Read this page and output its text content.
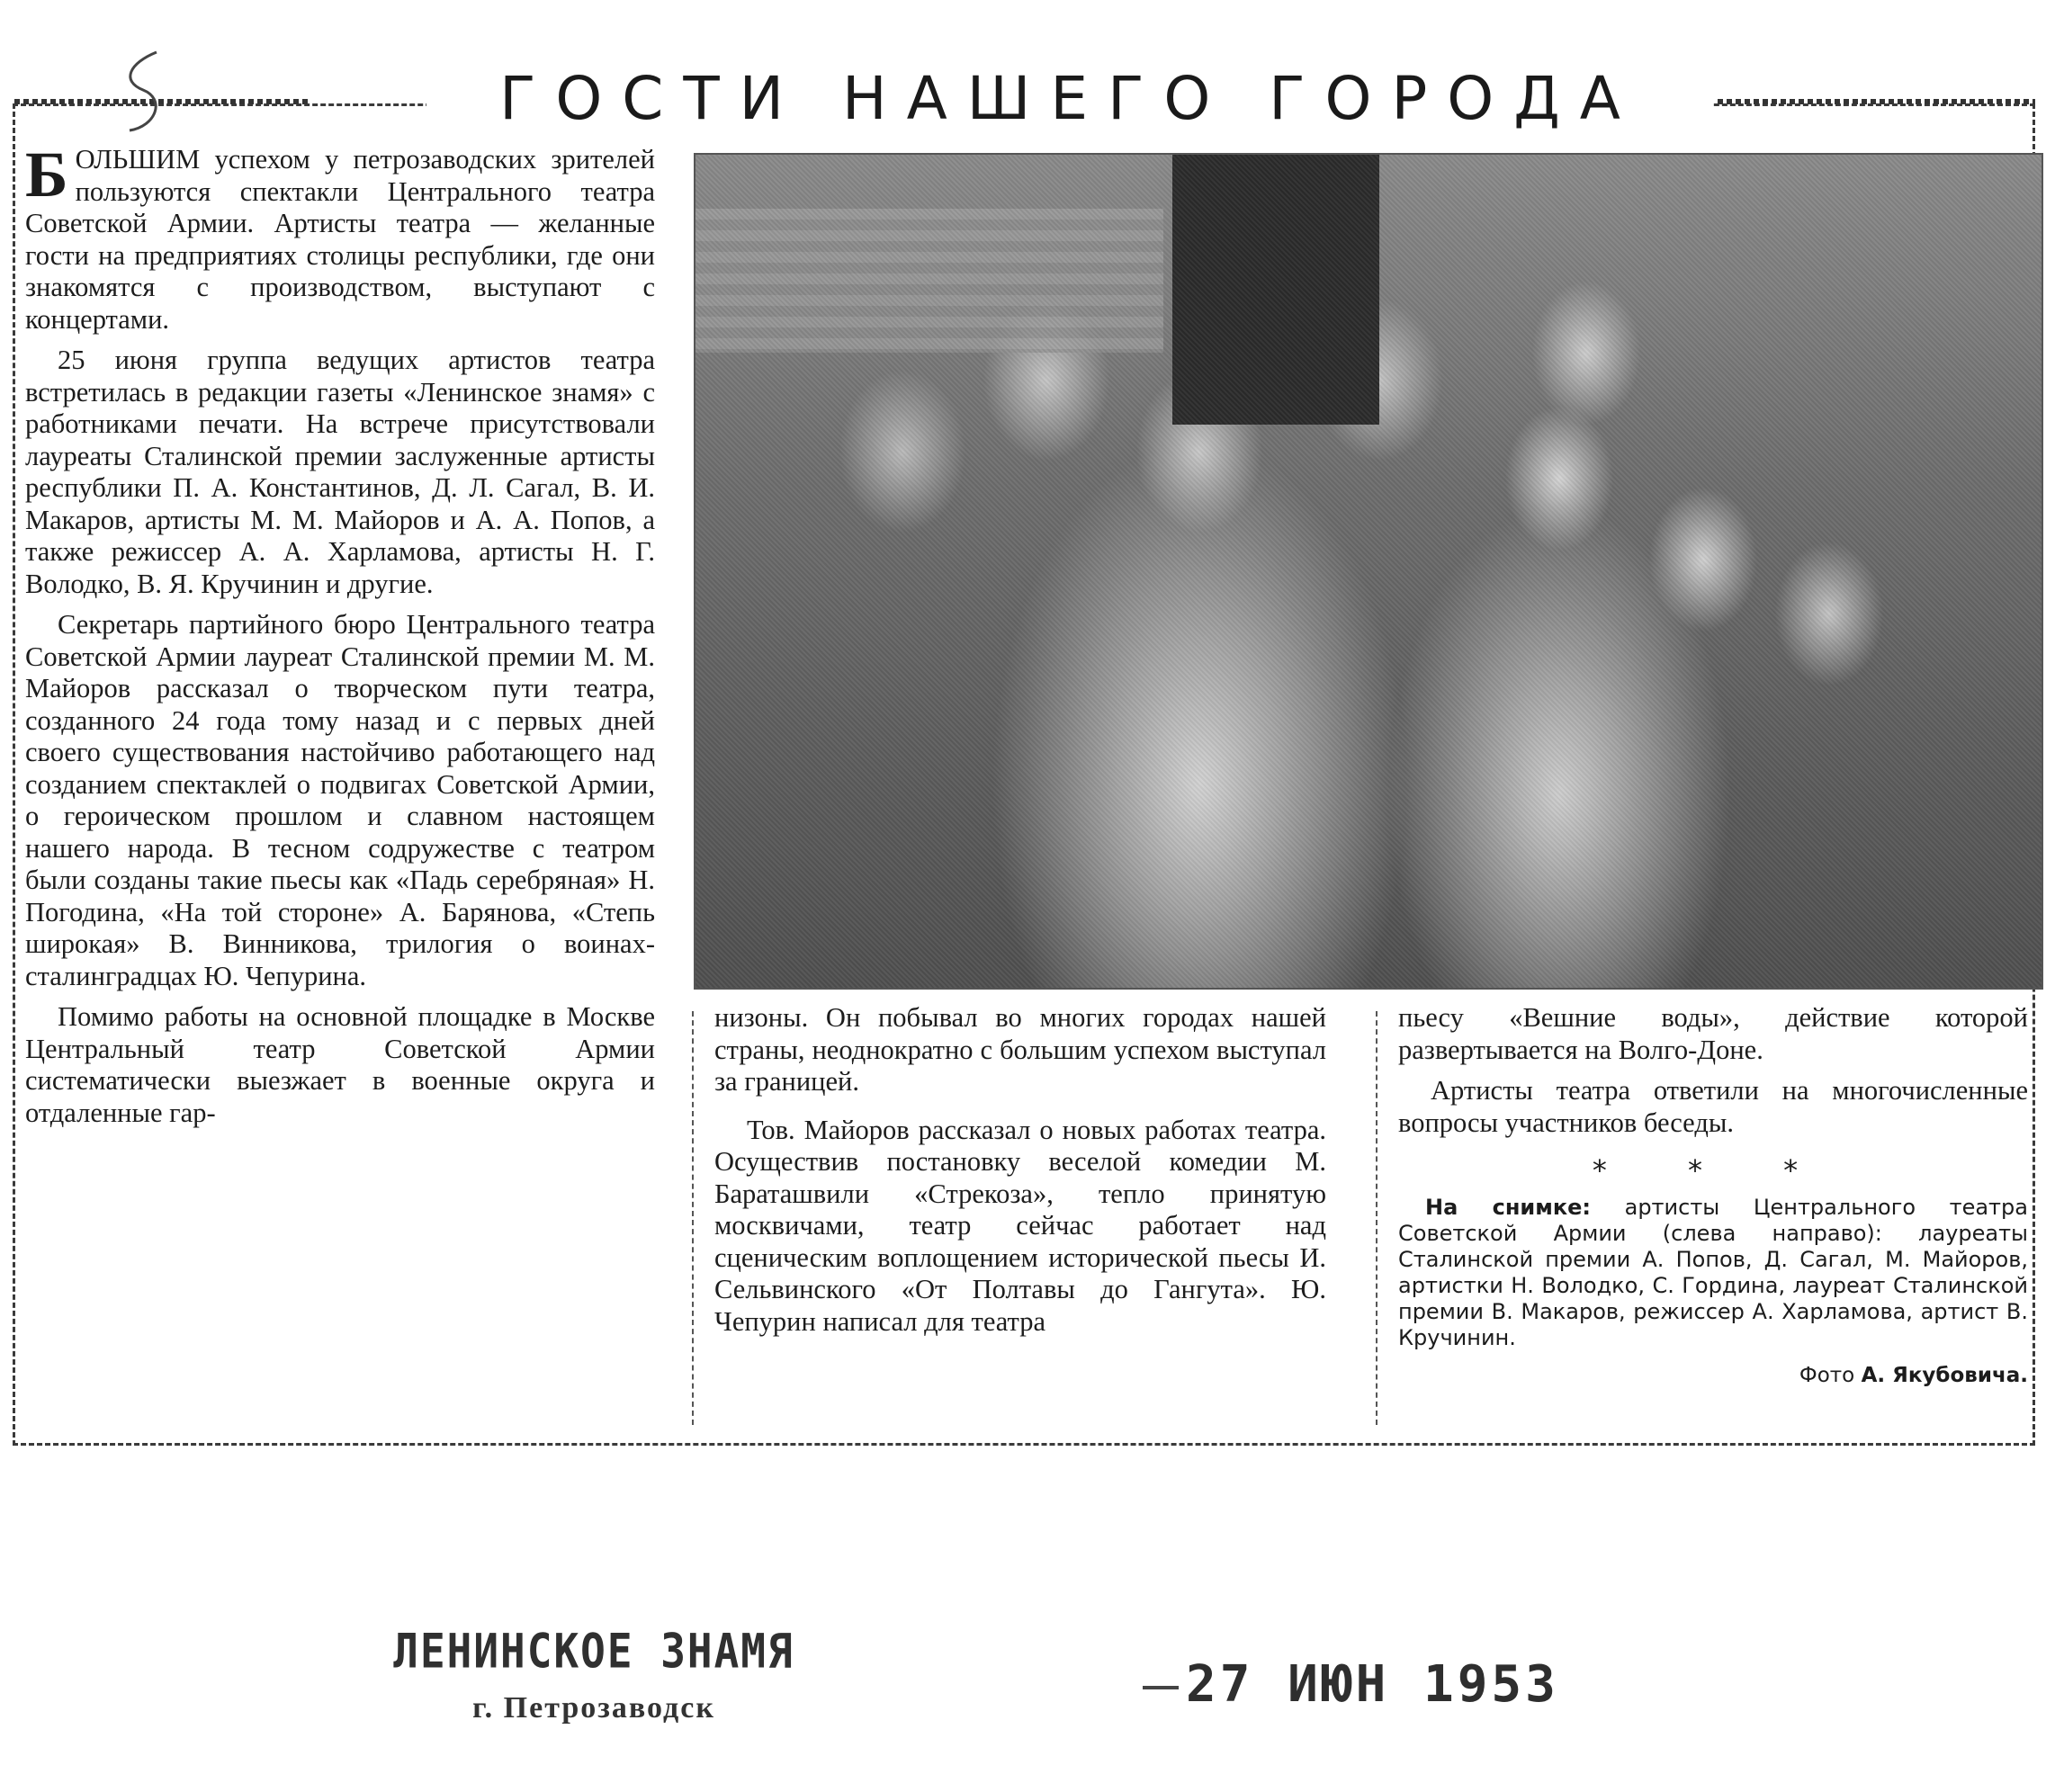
ГОСТИ НАШЕГО ГОРОДА

БОЛЬШИМ успехом у петрозаводских зрителей пользуются спектакли Центрального театра Советской Армии. Артисты театра — желанные гости на предприятиях столицы республики, где они знакомятся с производством, выступают с концертами.

25 июня группа ведущих артистов театра встретилась в редакции газеты «Ленинское знамя» с работниками печати. На встрече присутствовали лауреаты Сталинской премии заслуженные артисты республики П. А. Константинов, Д. Л. Сагал, В. И. Макаров, артисты М. М. Майоров и А. А. Попов, а также режиссер А. А. Харламова, артисты Н. Г. Володко, В. Я. Кручинин и другие.

Секретарь партийного бюро Центрального театра Советской Армии лауреат Сталинской премии М. М. Майоров рассказал о творческом пути театра, созданного 24 года тому назад и с первых дней своего существования настойчиво работающего над созданием спектаклей о подвигах Советской Армии, о героическом прошлом и славном настоящем нашего народа. В тесном содружестве с театром были созданы такие пьесы как «Падь серебряная» Н. Погодина, «На той стороне» А. Барянова, «Степь широкая» В. Винникова, трилогия о воинах-сталинградцах Ю. Чепурина.

Помимо работы на основной площадке в Москве Центральный театр Советской Армии систематически выезжает в военные округа и отдаленные гар-

низоны. Он побывал во многих городах нашей страны, неоднократно с большим успехом выступал за границей.

Тов. Майоров рассказал о новых работах театра. Осуществив постановку веселой комедии М. Бараташвили «Стрекоза», тепло принятую москвичами, театр сейчас работает над сценическим воплощением исторической пьесы И. Сельвинского «От Полтавы до Гангута». Ю. Чепурин написал для театра

пьесу «Вешние воды», действие которой развертывается на Волго-Доне.

Артисты театра ответили на многочисленные вопросы участников беседы.

* * *
На снимке: артисты Центрального театра Советской Армии (слева направо): лауреаты Сталинской премии А. Попов, Д. Сагал, М. Майоров, артистки Н. Володко, С. Гордина, лауреат Сталинской премии В. Макаров, режиссер А. Харламова, артист В. Кручинин.
Фото А. Якубовича.
ЛЕНИНСКОЕ ЗНАМЯ
г. Петрозаводск	27 ИЮН 1953
